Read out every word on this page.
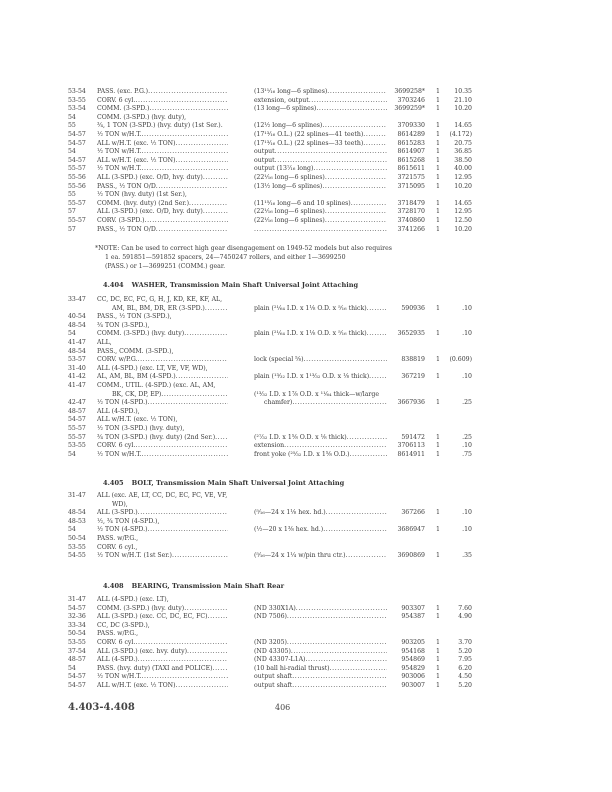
53-54 PASS. (exc. P.G.) .....	(13¹¹⁄₁₆ long—6 splines) .....	3699258* 1 10.35
53-55 CORV. 6 cyl. .....	extension, output .....	3703246 1 21.10
53-54 COMM. (3-SPD.) .....	(13 long—6 splines) .....	3699259* 1 10.20
54	COMM. (3-SPD.) (hvy. duty),
55	¾, 1 TON (3-SPD.) (hvy. duty) (1st Ser.).	(12½ long—6 splines) .....	3709330 1 14.65
54-57 ½ TON w/H.T. .....	(17¹³⁄₁₆ O.L.) (22 splines—41 teeth) .....	8614289 1 (4.172)
54-57 ALL w/H.T. (exc. ½ TON) .....	(17¹³⁄₁₆ O.L.) (22 splines—33 teeth) .....	8615283 1 20.75
54	½ TON w/H.T. .....	output .....	8614907 1 36.85
54-57 ALL w/H.T. (exc. ½ TON) .....	output .....	8615268 1 38.50
55-57 ½ TON w/H.T. .....	output (13⁷⁄₁₆ long) .....	8615611 1 40.00
55-56 ALL (3-SPD.) (exc. O/D, hvy. duty) .....	(22¹⁄₁₆ long—6 splines) .....	3721575 1 12.95
55-56 PASS., ½ TON O/D .....	(13½ long—6 splines) .....	3715095 1 10.20
55	½ TON (hvy. duty) (1st Ser.),
55-57 COMM. (hvy. duty) (2nd Ser.) .....	(11¹⁵⁄₁₆ long—6 and 10 splines) .....	3718479 1 14.65
57	ALL (3-SPD.) (exc. O/D, hvy. duty) .....	(22¹⁄₁₆ long—6 splines) .....	3728170 1 12.95
55-57 CORV. (3-SPD.) .....	(22¹⁄₁₆ long—6 splines) .....	3740860 1 12.50
57	PASS., ½ TON O/D ..... .....	3741266 1 10.20
*NOTE: Can be used to correct high gear disengagement on 1949-52 models but also requires
1 ea. 591851—591852 spacers, 24—7450247 rollers, and either 1—3699250
(PASS.) or 1—3699251 (COMM.) gear.
4.404 WASHER, Transmission Main Shaft Universal Joint Attaching
33-47 CC, DC, EC, FC, G, H, J, KD, KE, KF, AL,
AM, BL, BM, DR, ER (3-SPD.) .....	plain (²¹⁄₆₄ I.D. x 1⅛ O.D. x ⁵⁄₁₆ thick) .....	590936 1	.10
40-54 PASS., ½ TON (3-SPD.),
48-54 ¾ TON (3-SPD.),
54	COMM. (3-SPD.) (hvy. duty) .....	plain (²¹⁄₆₄ I.D. x 1⅛ O.D. x ⁵⁄₁₆ thick) .....	3652935 1	.10
41-47 ALL,
48-54 PASS., COMM. (3-SPD.),
53-57 CORV. w/P.G. .....	lock (special ⅝) .....	838819 1 (0.609)
31-40 ALL (4-SPD.) (exc. LT, VE, VF, WD),
41-42 AL, AM, BL, BM (4-SPD.) .....	plain (¹³⁄₃₂ I.D. x 1¹³⁄₃₂ O.D. x ⅛ thick) .....	367219 1	.10
41-47 COMM., UTIL. (4-SPD.) (exc. AL, AM,
BK, CK, DP, EP) .....	(¹³⁄₃₂ I.D. x 1⅞ O.D. x ¹¹⁄₆₄ thick—w/large
42-47 ½ TON (4-SPD.) .....	chamfer) .....	3667936 1	.25
48-57 ALL (4-SPD.),
54-57 ALL w/H.T. (exc. ½ TON),
55-57 ½ TON (3-SPD.) (hvy. duty),
55-57 ¾ TON (3-SPD.) (hvy. duty) (2nd Ser.) .....	(²⁷⁄₃₂ I.D. x 1⅝ O.D. x ⅛ thick) .....	591472 1	.25
53-55 CORV. 6 cyl. .....	extension .....	3706113 1	.10
54	½ TON w/H.T. .....	front yoke (²⁵⁄₃₂ I.D. x 1⅝ O.D.) .....	8614911 1	.75
4.405 BOLT, Transmission Main Shaft Universal Joint Attaching
31-47 ALL (exc. AE, LT, CC, DC, EC, FC, VE, VF,
WD),
48-54 ALL (3-SPD.) .....	(⁵⁄₁₆—24 x 1⅛ hex. hd.) .....	367266 1	.10
48-53 ½, ¾ TON (4-SPD.),
54	½ TON (4-SPD.) .....	(½—20 x 1⅜ hex. hd.) .....	3686947 1	.10
50-54 PASS. w/P.G.,
53-55 CORV. 6 cyl.,
54-55 ½ TON w/H.T. (1st Ser.) .....	(⁵⁄₁₆—24 x 1¼ w/pin thru ctr.) .....	3690869 1	.35
4.408 BEARING, Transmission Main Shaft Rear
31-47 ALL (4-SPD.) (exc. LT),
54-57 COMM. (3-SPD.) (hvy. duty) .....	(ND 330X1A) .....	903307 1	7.60
32-36 ALL (3-SPD.) (exc. CC, DC, EC, FC) .....	(ND 7506) .....	954387 1	4.90
33-34 CC, DC (3-SPD.),
50-54 PASS. w/P.G.,
53-55 CORV. 6 cyl. .....	(ND 3205) .....	903205 1	3.70
37-54 ALL (3-SPD.) (exc. hvy. duty) .....	(ND 43305) .....	954168 1	5.20
48-57 ALL (4-SPD.) .....	(ND 43307-L1A) .....	954869 1	7.95
54	PASS. (hvy. duty) (TAXI and POLICE) .....	(10 ball hi-radial thrust) .....	954829 1	6.20
54-57 ½ TON w/H.T. .....	output shaft .....	903006 1	4.50
54-57 ALL w/H.T. (exc. ½ TON) .....	output shaft .....	903007 1	5.20
4.403-4.408	406
